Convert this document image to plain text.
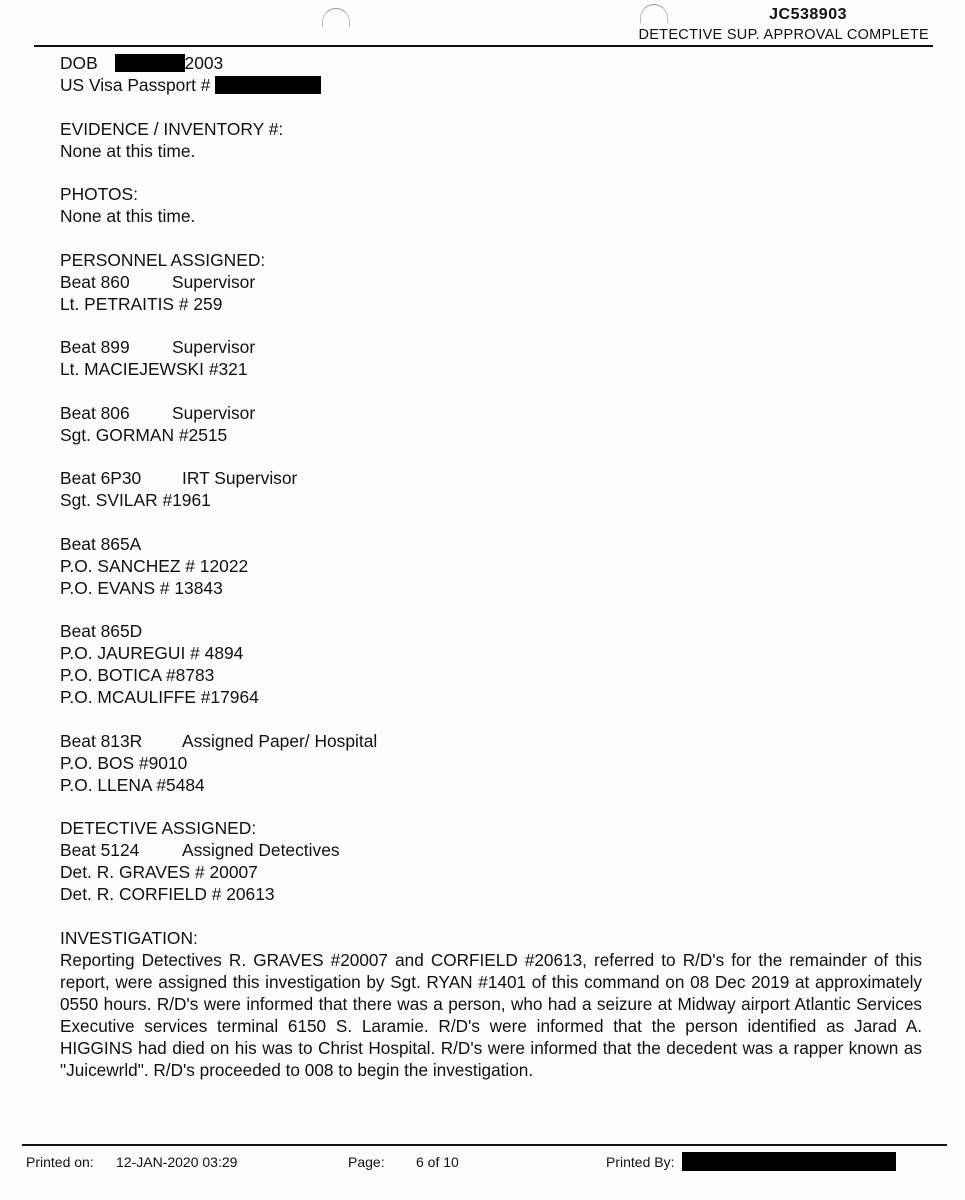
JC538903
DETECTIVE SUP. APPROVAL COMPLETE
DOB	2003
US Visa Passport #
EVIDENCE / INVENTORY #:
None at this time.
PHOTOS:
None at this time.
PERSONNEL ASSIGNED:
Beat 860 Supervisor
Lt. PETRAITIS # 259
Beat 899 Supervisor
Lt. MACIEJEWSKI #321
Beat 806 Supervisor
Sgt. GORMAN #2515
Beat 6P30 IRT Supervisor
Sgt. SVILAR #1961
Beat 865A
P.O. SANCHEZ # 12022
P.O. EVANS # 13843
Beat 865D
P.O. JAUREGUI # 4894
P.O. BOTICA #8783
P.O. MCAULIFFE #17964
Beat 813R Assigned Paper/ Hospital
P.O. BOS #9010
P.O. LLENA #5484
DETECTIVE ASSIGNED:
Beat 5124 Assigned Detectives
Det. R. GRAVES # 20007
Det. R. CORFIELD # 20613
INVESTIGATION:
Reporting Detectives R. GRAVES #20007 and CORFIELD #20613, referred to R/D's for the remainder of this report, were assigned this investigation by Sgt. RYAN #1401 of this command on 08 Dec 2019 at approximately 0550 hours. R/D's were informed that there was a person, who had a seizure at Midway airport Atlantic Services Executive services terminal 6150 S. Laramie. R/D's were informed that the person identified as Jarad A. HIGGINS had died on his was to Christ Hospital. R/D's were informed that the decedent was a rapper known as "Juicewrld". R/D's proceeded to 008 to begin the investigation.
Printed on: 12-JAN-2020 03:29	Page: 6 of 10	Printed By:
